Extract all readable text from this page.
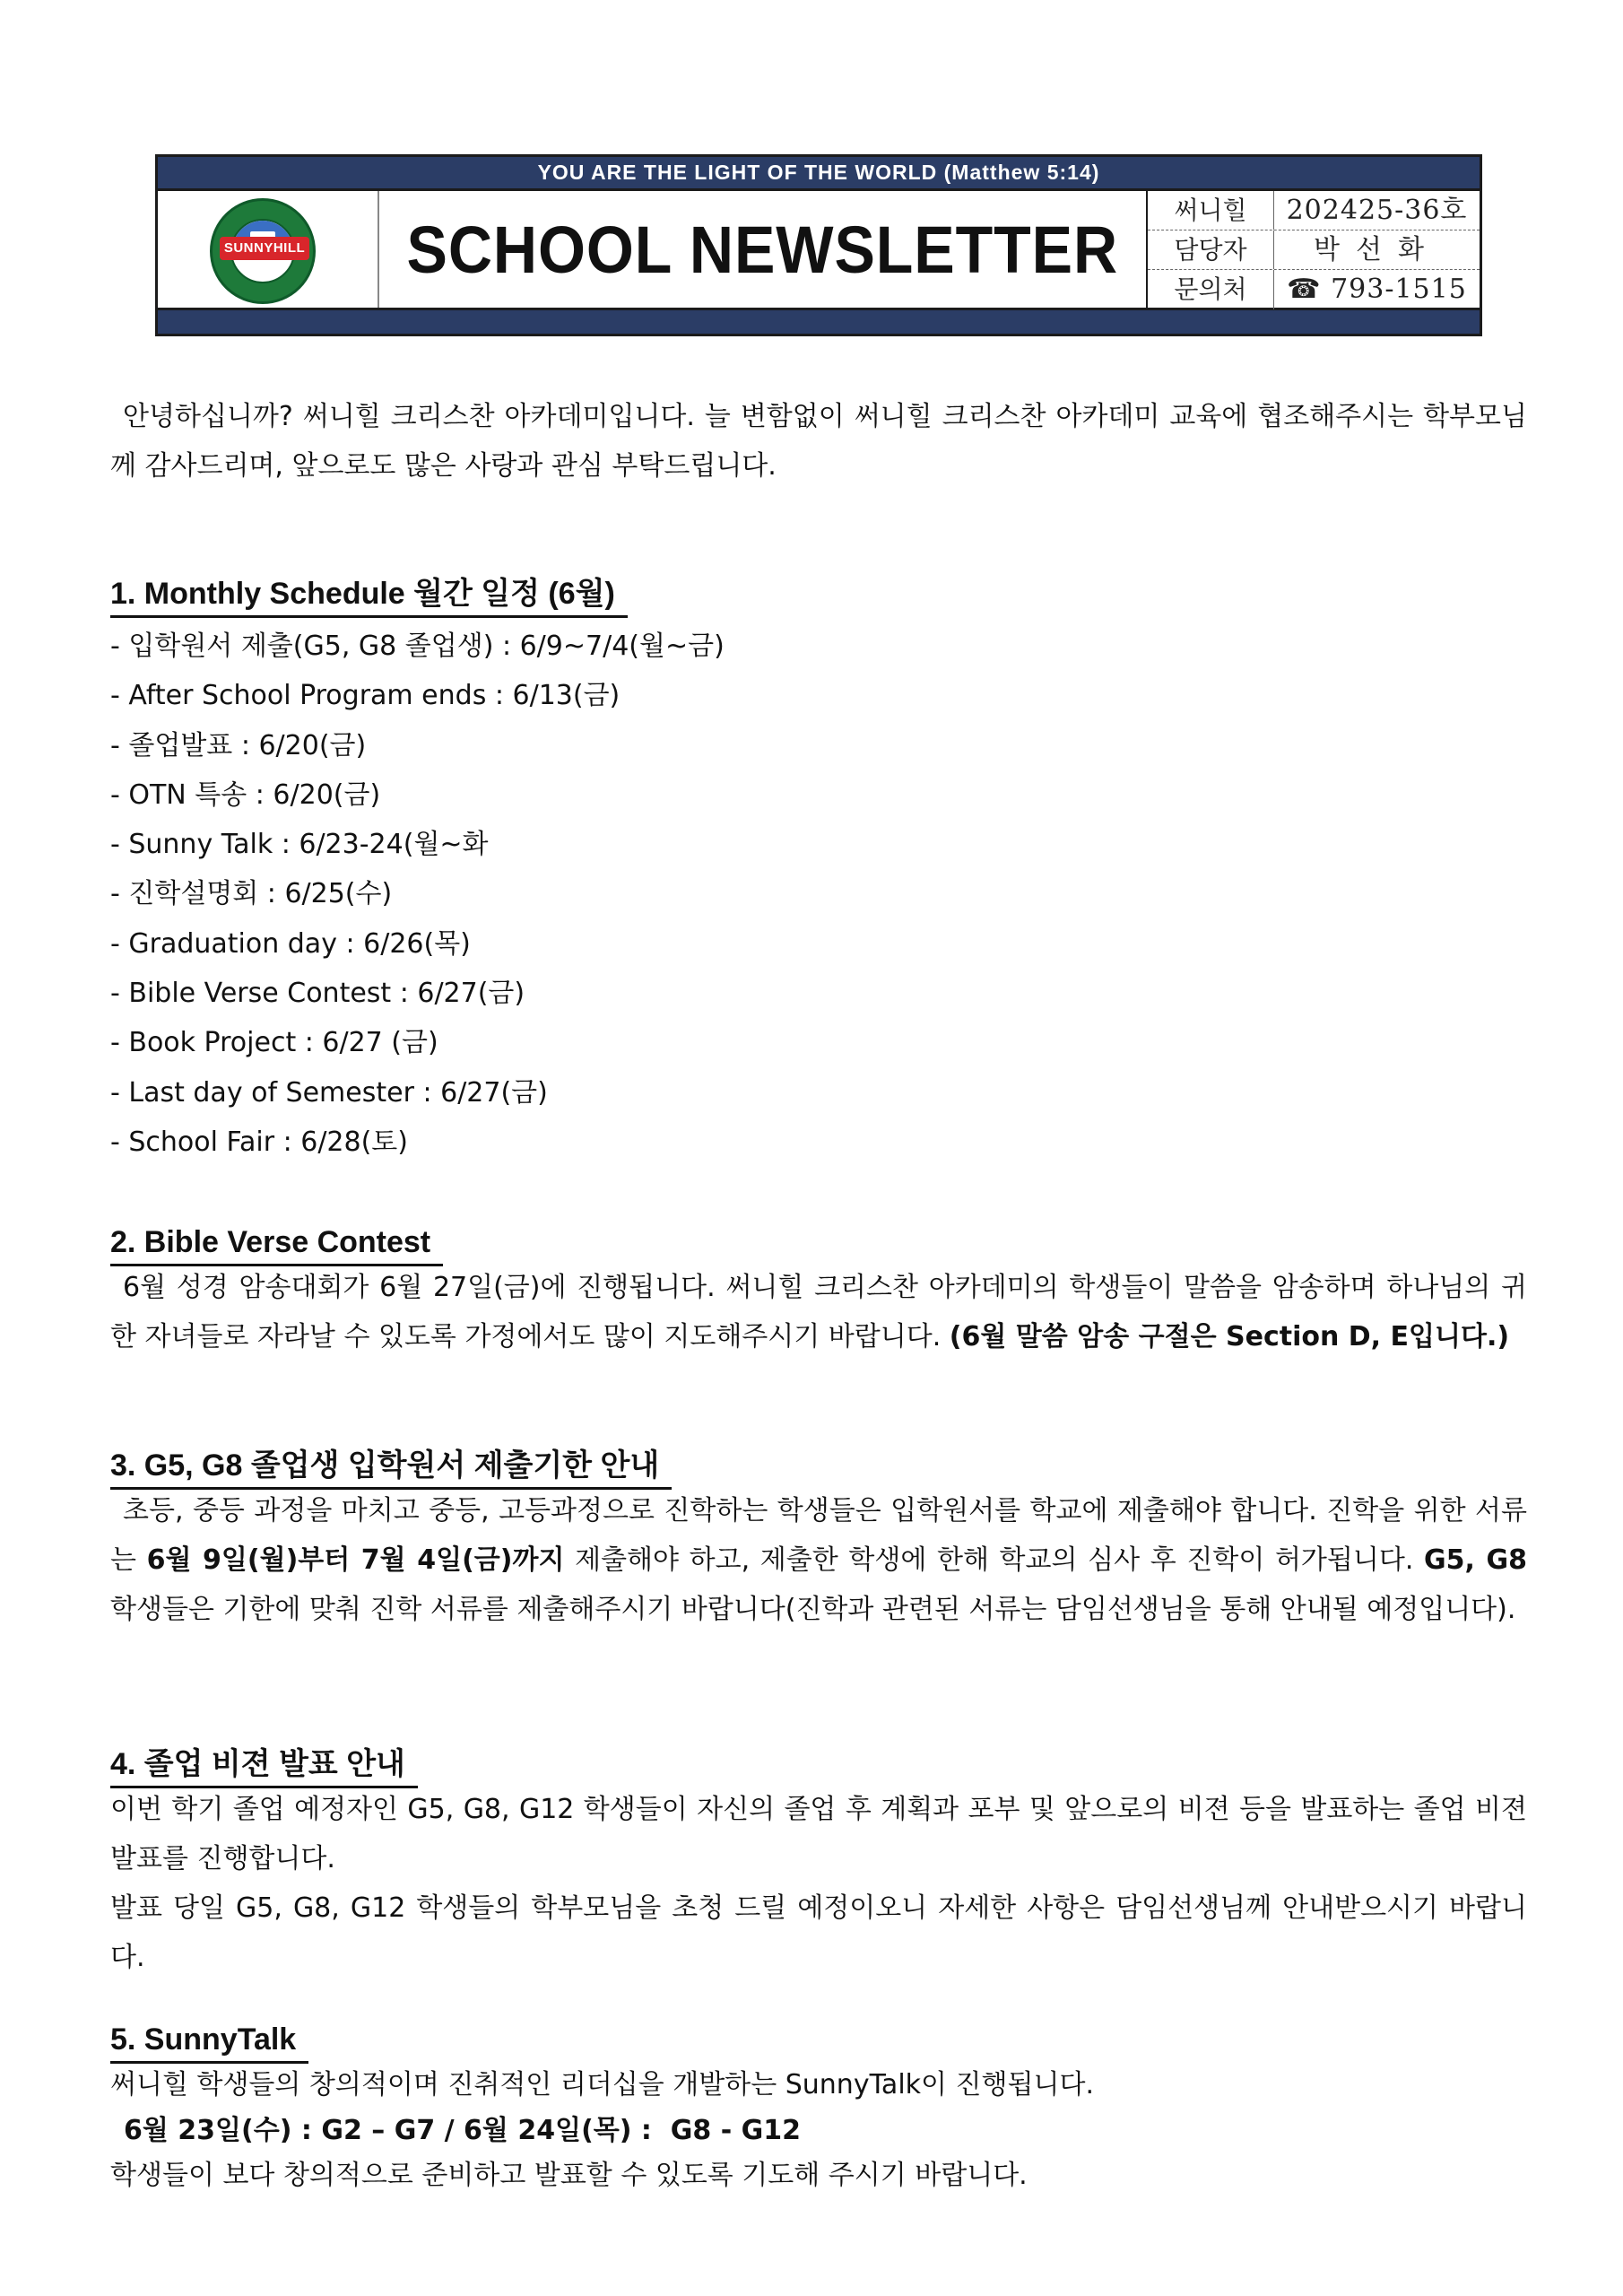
YOU ARE THE LIGHT OF THE WORLD (Matthew 5:14)
SUNNYHILL SCHOOL NEWSLETTER
써니힐	202425-36호
담당자	박선화
문의처	☎ 793-1515
안녕하십니까? 써니힐 크리스찬 아카데미입니다. 늘 변함없이 써니힐 크리스찬 아카데미 교육에 협조해주시는 학부모님께 감사드리며, 앞으로도 많은 사랑과 관심 부탁드립니다.
1. Monthly Schedule 월간 일정 (6월)
- 입학원서 제출(G5, G8 졸업생) : 6/9~7/4(월~금)
- After School Program ends : 6/13(금)
- 졸업발표 : 6/20(금)
- OTN 특송 : 6/20(금)
- Sunny Talk : 6/23-24(월~화
- 진학설명회 : 6/25(수)
- Graduation day : 6/26(목)
- Bible Verse Contest : 6/27(금)
- Book Project : 6/27 (금)
- Last day of Semester : 6/27(금)
- School Fair : 6/28(토)
2. Bible Verse Contest
6월 성경 암송대회가 6월 27일(금)에 진행됩니다. 써니힐 크리스찬 아카데미의 학생들이 말씀을 암송하며 하나님의 귀한 자녀들로 자라날 수 있도록 가정에서도 많이 지도해주시기 바랍니다. (6월 말씀 암송 구절은 Section D, E입니다.)
3. G5, G8 졸업생 입학원서 제출기한 안내
초등, 중등 과정을 마치고 중등, 고등과정으로 진학하는 학생들은 입학원서를 학교에 제출해야 합니다. 진학을 위한 서류는 6월 9일(월)부터 7월 4일(금)까지 제출해야 하고, 제출한 학생에 한해 학교의 심사 후 진학이 허가됩니다. G5, G8 학생들은 기한에 맞춰 진학 서류를 제출해주시기 바랍니다(진학과 관련된 서류는 담임선생님을 통해 안내될 예정입니다).
4. 졸업 비젼 발표 안내
이번 학기 졸업 예정자인 G5, G8, G12 학생들이 자신의 졸업 후 계획과 포부 및 앞으로의 비젼 등을 발표하는 졸업 비젼 발표를 진행합니다.
발표 당일 G5, G8, G12 학생들의 학부모님을 초청 드릴 예정이오니 자세한 사항은 담임선생님께 안내받으시기 바랍니다.
5. SunnyTalk
써니힐 학생들의 창의적이며 진취적인 리더십을 개발하는 SunnyTalk이 진행됩니다.
6월 23일(수) : G2 – G7 / 6월 24일(목) :  G8 - G12
학생들이 보다 창의적으로 준비하고 발표할 수 있도록 기도해 주시기 바랍니다.
